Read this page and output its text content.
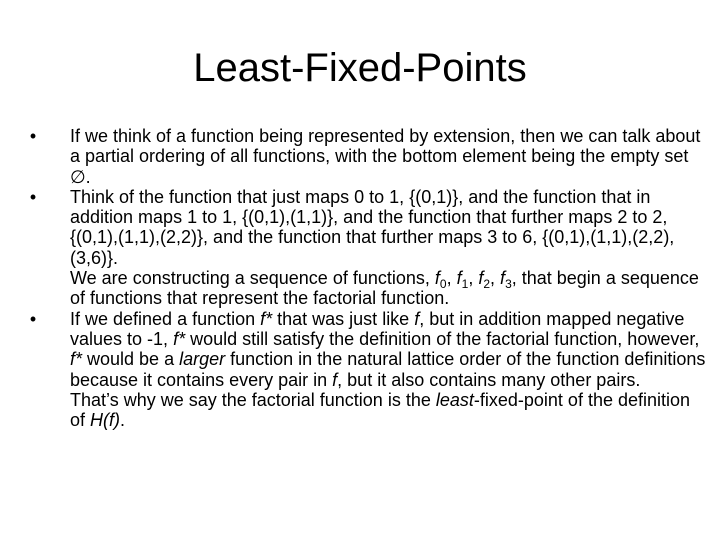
Least-Fixed-Points
• If we think of a function being represented by extension, then we can talk about a partial ordering of all functions, with the bottom element being the empty set ∅.
• Think of the function that just maps 0 to 1, {(0,1)}, and the function that in addition maps 1 to 1, {(0,1),(1,1)}, and the function that further maps 2 to 2, {(0,1),(1,1),(2,2)}, and the function that further maps 3 to 6, {(0,1),(1,1),(2,2),(3,6)}.
We are constructing a sequence of functions, $f_0$, $f_1$, $f_2$, $f_3$, that begin a sequence of functions that represent the factorial function.
• If we defined a function f* that was just like f, but in addition mapped negative values to -1, f* would still satisfy the definition of the factorial function, however, f* would be a larger function in the natural lattice order of the function definitions because it contains every pair in f, but it also contains many other pairs.
That’s why we say the factorial function is the least-fixed-point of the definition of H(f).
